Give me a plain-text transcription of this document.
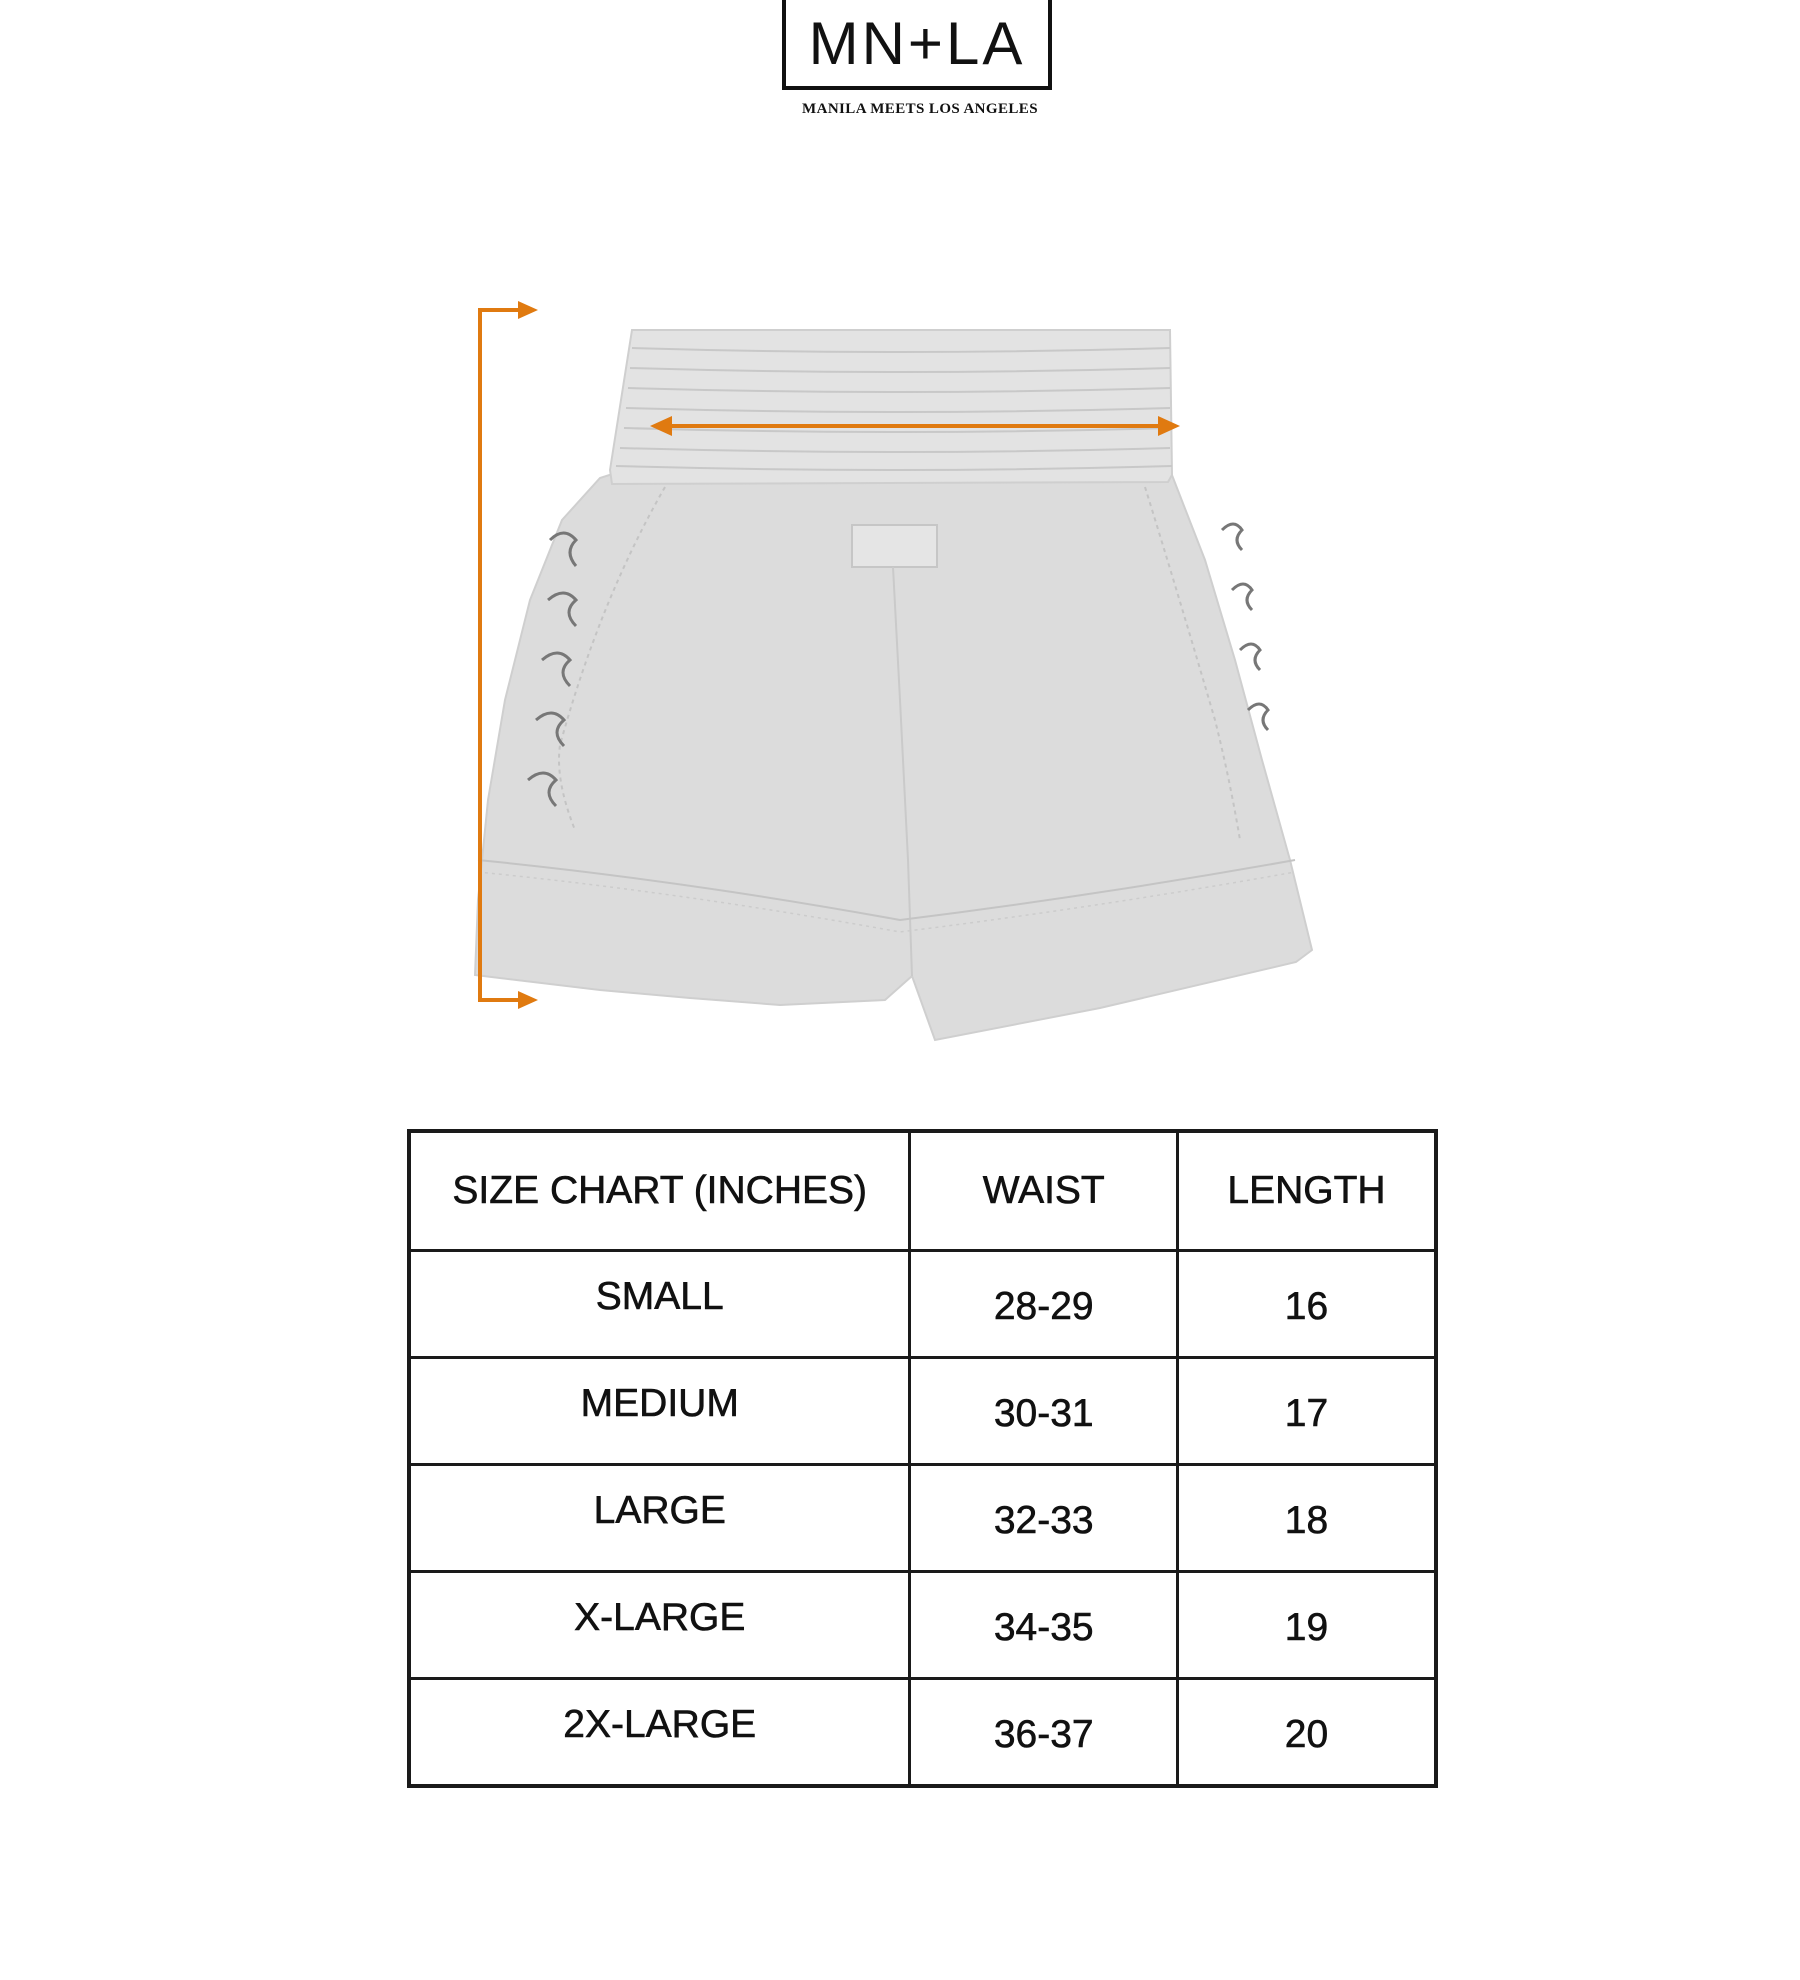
MN+LA
MANILA MEETS LOS ANGELES
SIZE CHART (INCHES)	WAIST	LENGTH
SMALL	28-29	16
MEDIUM	30-31	17
LARGE	32-33	18
X-LARGE	34-35	19
2X-LARGE	36-37	20
